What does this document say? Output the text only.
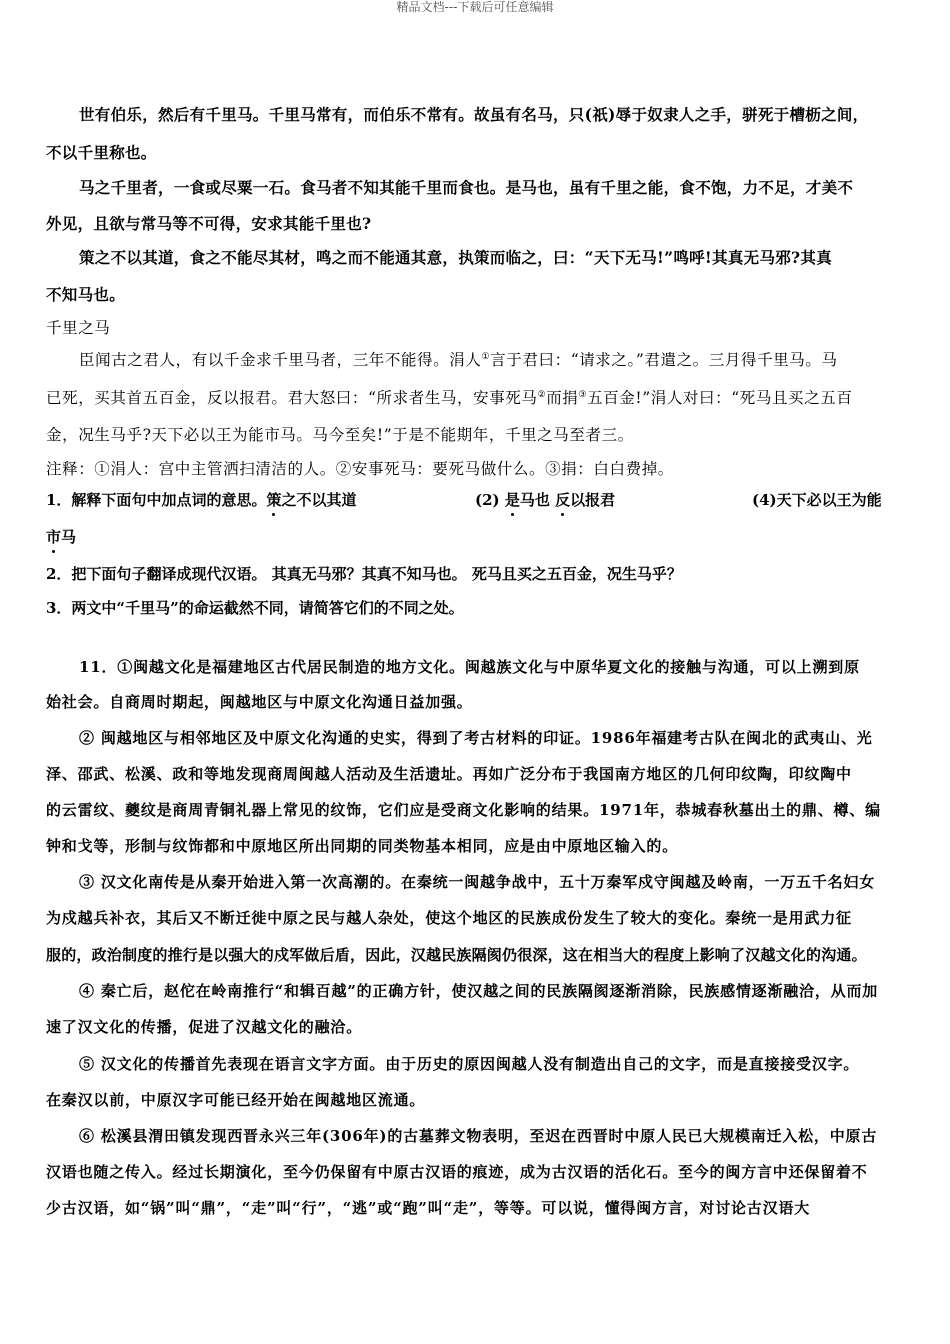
精品文档---下载后可任意编辑
世有伯乐，然后有千里马。千里马常有，而伯乐不常有。故虽有名马，只(祇)辱于奴隶人之手，骈死于槽枥之间，
不以千里称也。
马之千里者，一食或尽粟一石。食马者不知其能千里而食也。是马也，虽有千里之能，食不饱，力不足，才美不
外见，且欲与常马等不可得，安求其能千里也?
策之不以其道，食之不能尽其材，鸣之而不能通其意，执策而临之，曰：“天下无马!”鸣呼!其真无马邪?其真
不知马也。
千里之马
臣闻古之君人，有以千金求千里马者，三年不能得。涓人①言于君曰：“请求之。”君遣之。三月得千里马。马
已死，买其首五百金，反以报君。君大怒曰：“所求者生马，安事死马②而捐③五百金!”涓人对曰：“死马且买之五百
金，况生马乎?天下必以王为能市马。马今至矣!”于是不能期年，千里之马至者三。
注释：①涓人：宫中主管洒扫清洁的人。②安事死马：要死马做什么。③捐：白白费掉。
1．解释下面句中加点词的意思。策之不以其道	(2) 是马也 反以报君	(4)天下必以王为能
市马
2．把下面句子翻译成现代汉语。 其真无马邪？其真不知马也。 死马且买之五百金，况生马乎？
3．两文中“千里马”的命运截然不同，请简答它们的不同之处。
11．①闽越文化是福建地区古代居民制造的地方文化。闽越族文化与中原华夏文化的接触与沟通，可以上溯到原
始社会。自商周时期起，闽越地区与中原文化沟通日益加强。
② 闽越地区与相邻地区及中原文化沟通的史实，得到了考古材料的印证。1986年福建考古队在闽北的武夷山、光
泽、邵武、松溪、政和等地发现商周闽越人活动及生活遗址。再如广泛分布于我国南方地区的几何印纹陶，印纹陶中
的云雷纹、夔纹是商周青铜礼器上常见的纹饰，它们应是受商文化影响的结果。1971年，恭城春秋墓出土的鼎、樽、编
钟和戈等，形制与纹饰都和中原地区所出同期的同类物基本相同，应是由中原地区输入的。
③ 汉文化南传是从秦开始进入第一次高潮的。在秦统一闽越争战中，五十万秦军戍守闽越及岭南，一万五千名妇女
为戍越兵补衣，其后又不断迁徙中原之民与越人杂处，使这个地区的民族成份发生了较大的变化。秦统一是用武力征
服的，政治制度的推行是以强大的戍军做后盾，因此，汉越民族隔阂仍很深，这在相当大的程度上影响了汉越文化的沟通。
④ 秦亡后，赵佗在岭南推行“和辑百越”的正确方针，使汉越之间的民族隔阂逐渐消除，民族感情逐渐融洽，从而加
速了汉文化的传播，促进了汉越文化的融洽。
⑤ 汉文化的传播首先表现在语言文字方面。由于历史的原因闽越人没有制造出自己的文字，而是直接接受汉字。
在秦汉以前，中原汉字可能已经开始在闽越地区流通。
⑥ 松溪县渭田镇发现西晋永兴三年(306年)的古墓葬文物表明，至迟在西晋时中原人民已大规模南迁入松，中原古
汉语也随之传入。经过长期演化，至今仍保留有中原古汉语的痕迹，成为古汉语的活化石。至今的闽方言中还保留着不
少古汉语，如“锅”叫“鼎”，“走”叫“行”，“逃”或“跑”叫“走”，等等。可以说，懂得闽方言，对讨论古汉语大
